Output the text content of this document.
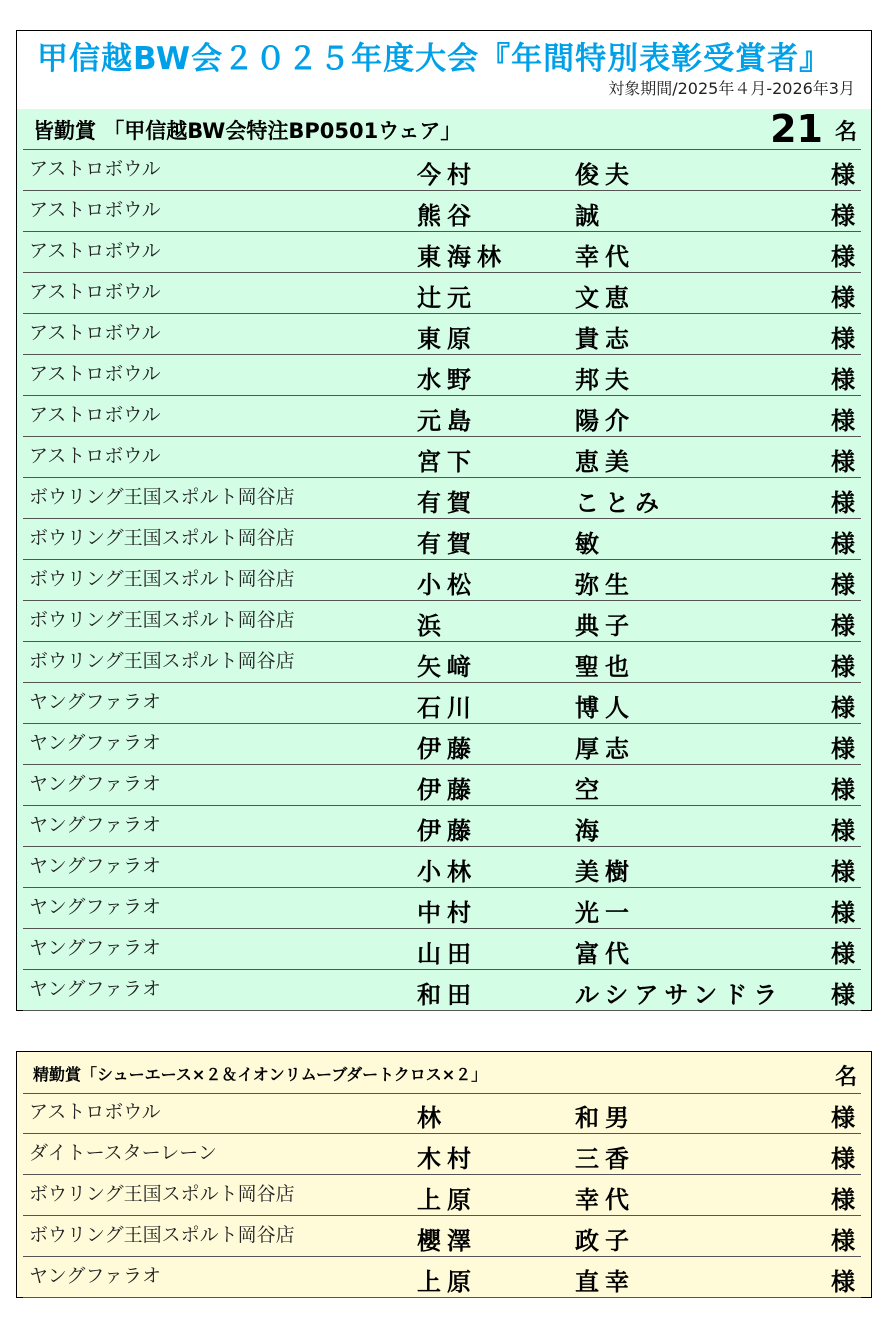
甲信越BW会２０２５年度大会『年間特別表彰受賞者』
対象期間/2025年４月-2026年3月
皆勤賞 「甲信越BW会特注BP0501ウェア」	21 名
アストロボウル	今村	俊夫	様
アストロボウル	熊谷	誠	様
アストロボウル	東海林	幸代	様
アストロボウル	辻元	文恵	様
アストロボウル	東原	貴志	様
アストロボウル	水野	邦夫	様
アストロボウル	元島	陽介	様
アストロボウル	宮下	恵美	様
ボウリング王国スポルト岡谷店	有賀	ことみ	様
ボウリング王国スポルト岡谷店	有賀	敏	様
ボウリング王国スポルト岡谷店	小松	弥生	様
ボウリング王国スポルト岡谷店	浜	典子	様
ボウリング王国スポルト岡谷店	矢﨑	聖也	様
ヤングファラオ	石川	博人	様
ヤングファラオ	伊藤	厚志	様
ヤングファラオ	伊藤	空	様
ヤングファラオ	伊藤	海	様
ヤングファラオ	小林	美樹	様
ヤングファラオ	中村	光一	様
ヤングファラオ	山田	富代	様
ヤングファラオ	和田	ルシアサンドラ 様
精勤賞「シューエース×２＆イオンリムーブダートクロス×２」	名
アストロボウル	林	和男	様
ダイトースターレーン	木村	三香	様
ボウリング王国スポルト岡谷店	上原	幸代	様
ボウリング王国スポルト岡谷店	櫻澤	政子	様
ヤングファラオ	上原	直幸	様
